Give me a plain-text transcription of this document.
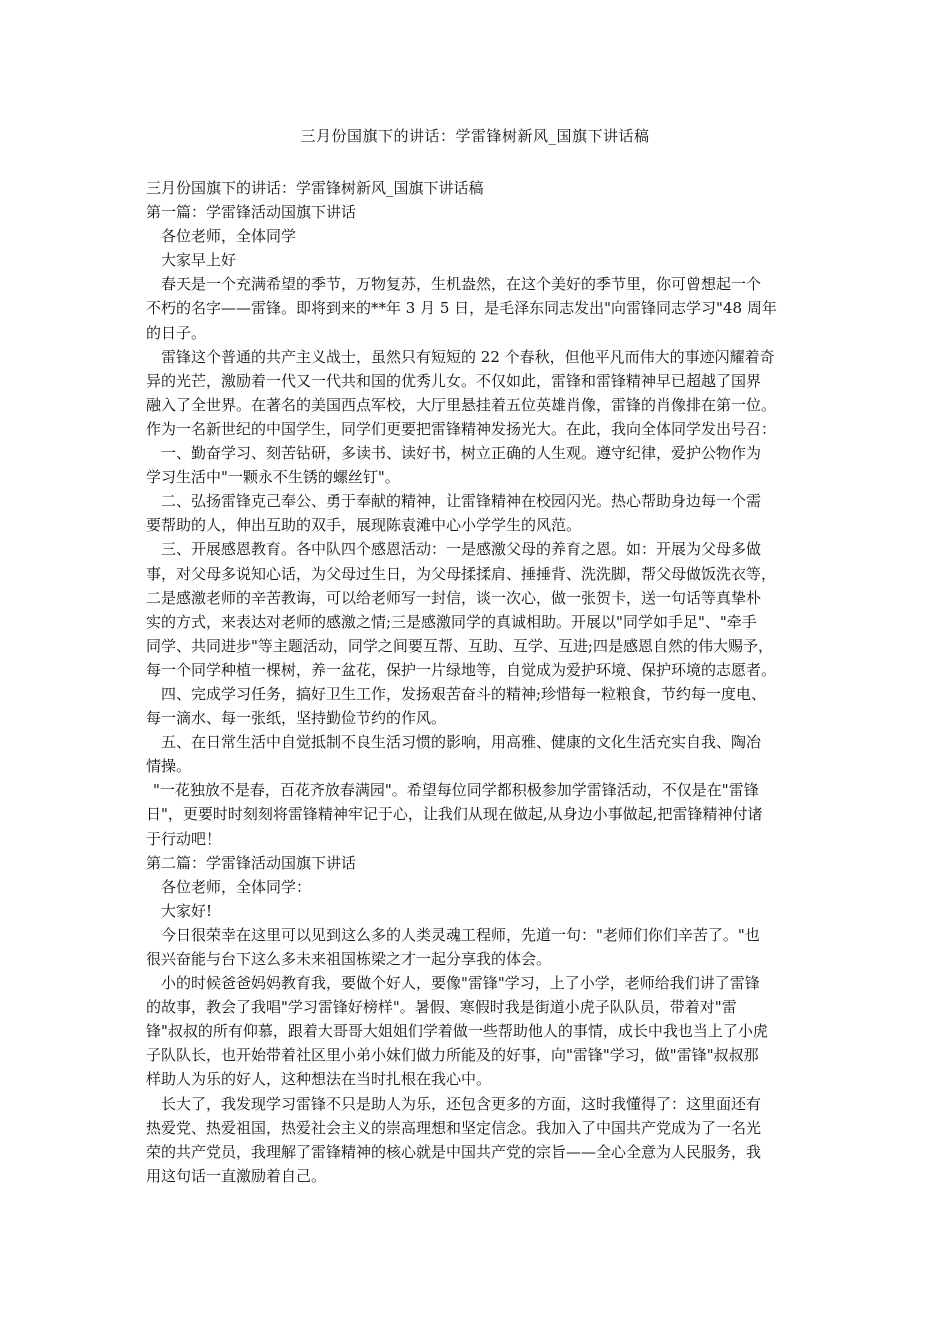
三月份国旗下的讲话：学雷锋树新风_国旗下讲话稿
三月份国旗下的讲话：学雷锋树新风_国旗下讲话稿
第一篇：学雷锋活动国旗下讲话
各位老师，全体同学
大家早上好
春天是一个充满希望的季节，万物复苏，生机盎然，在这个美好的季节里，你可曾想起一个
不朽的名字——雷锋。即将到来的**年 3 月 5 日，是毛泽东同志发出"向雷锋同志学习"48 周年
的日子。
雷锋这个普通的共产主义战士，虽然只有短短的 22 个春秋，但他平凡而伟大的事迹闪耀着奇
异的光芒，激励着一代又一代共和国的优秀儿女。不仅如此，雷锋和雷锋精神早已超越了国界
融入了全世界。在著名的美国西点军校，大厅里悬挂着五位英雄肖像，雷锋的肖像排在第一位。
作为一名新世纪的中国学生，同学们更要把雷锋精神发扬光大。在此，我向全体同学发出号召：
一、勤奋学习、刻苦钻研，多读书、读好书，树立正确的人生观。遵守纪律，爱护公物作为
学习生活中"一颗永不生锈的螺丝钉"。
二、弘扬雷锋克己奉公、勇于奉献的精神，让雷锋精神在校园闪光。热心帮助身边每一个需
要帮助的人，伸出互助的双手，展现陈袁滩中心小学学生的风范。
三、开展感恩教育。各中队四个感恩活动：一是感激父母的养育之恩。如：开展为父母多做
事，对父母多说知心话，为父母过生日，为父母揉揉肩、捶捶背、洗洗脚，帮父母做饭洗衣等，
二是感激老师的辛苦教诲，可以给老师写一封信，谈一次心，做一张贺卡，送一句话等真挚朴
实的方式，来表达对老师的感激之情;三是感激同学的真诚相助。开展以"同学如手足"、"牵手
同学、共同进步"等主题活动，同学之间要互帮、互助、互学、互进;四是感恩自然的伟大赐予，
每一个同学种植一棵树，养一盆花，保护一片绿地等，自觉成为爱护环境、保护环境的志愿者。
四、完成学习任务，搞好卫生工作，发扬艰苦奋斗的精神;珍惜每一粒粮食，节约每一度电、
每一滴水、每一张纸，坚持勤俭节约的作风。
五、在日常生活中自觉抵制不良生活习惯的影响，用高雅、健康的文化生活充实自我、陶冶
情操。
"一花独放不是春，百花齐放春满园"。希望每位同学都积极参加学雷锋活动，不仅是在"雷锋
日"，更要时时刻刻将雷锋精神牢记于心，让我们从现在做起,从身边小事做起,把雷锋精神付诸
于行动吧！
第二篇：学雷锋活动国旗下讲话
各位老师，全体同学：
大家好!
今日很荣幸在这里可以见到这么多的人类灵魂工程师，先道一句："老师们你们辛苦了。"也
很兴奋能与台下这么多未来祖国栋梁之才一起分享我的体会。
小的时候爸爸妈妈教育我，要做个好人，要像"雷锋"学习，上了小学，老师给我们讲了雷锋
的故事，教会了我唱"学习雷锋好榜样"。暑假、寒假时我是街道小虎子队队员，带着对"雷
锋"叔叔的所有仰慕，跟着大哥哥大姐姐们学着做一些帮助他人的事情，成长中我也当上了小虎
子队队长，也开始带着社区里小弟小妹们做力所能及的好事，向"雷锋"学习，做"雷锋"叔叔那
样助人为乐的好人，这种想法在当时扎根在我心中。
长大了，我发现学习雷锋不只是助人为乐，还包含更多的方面，这时我懂得了：这里面还有
热爱党、热爱祖国，热爱社会主义的崇高理想和坚定信念。我加入了中国共产党成为了一名光
荣的共产党员，我理解了雷锋精神的核心就是中国共产党的宗旨——全心全意为人民服务，我
用这句话一直激励着自己。
